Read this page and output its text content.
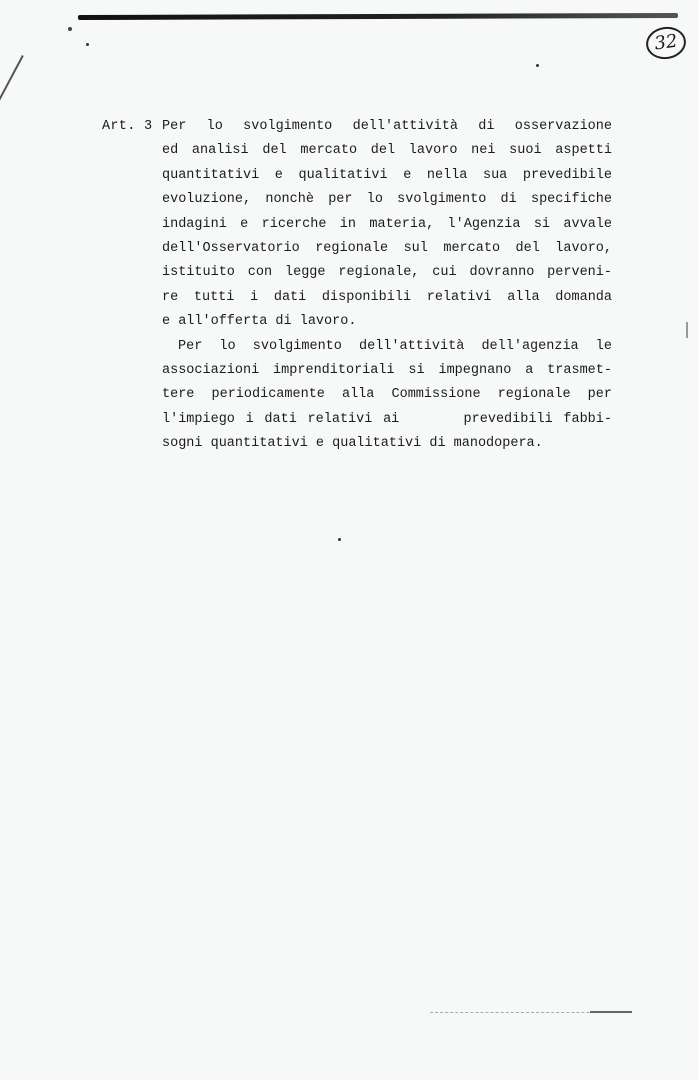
32
Art. 3 Per lo svolgimento dell'attività di osservazione
ed analisi del mercato del lavoro nei suoi aspetti
quantitativi e qualitativi e nella sua prevedibile
evoluzione, nonchè per lo svolgimento di specifiche
indagini e ricerche in materia, l'Agenzia si avvale
dell'Osservatorio regionale sul mercato del lavoro,
istituito con legge regionale, cui dovranno perveni-
re tutti i dati disponibili relativi alla domanda
e all'offerta di lavoro.
Per lo svolgimento dell'attività dell'agenzia le
associazioni imprenditoriali si impegnano a trasmet-
tere periodicamente alla Commissione regionale per
l'impiego i dati relativi ai      prevedibili fabbi-
sogni quantitativi e qualitativi di manodopera.
